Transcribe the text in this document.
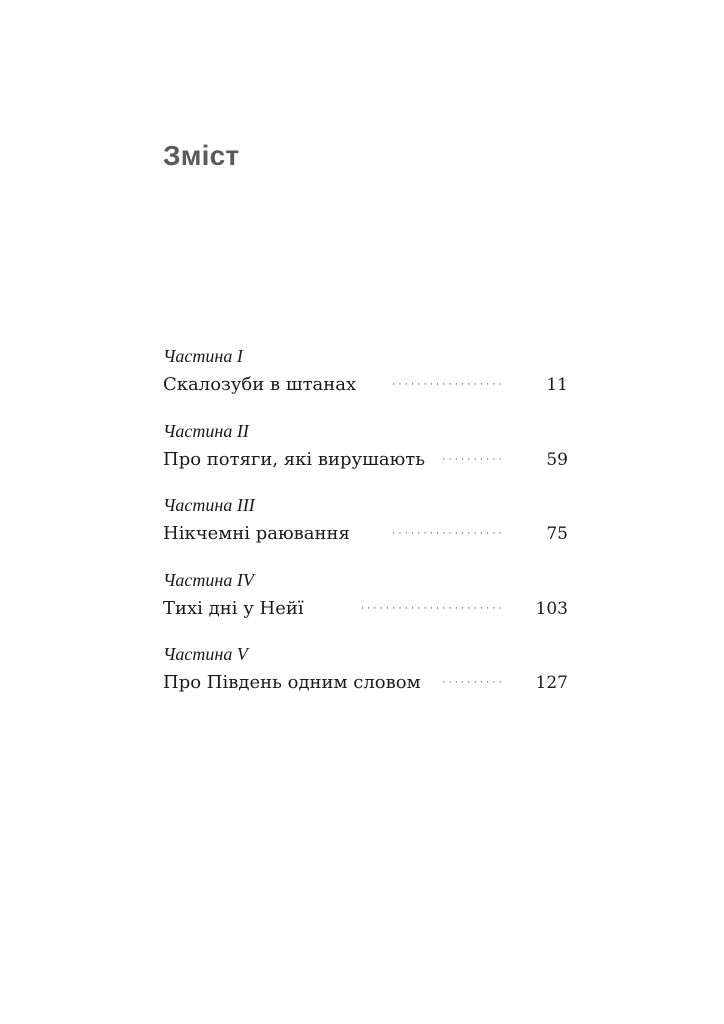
Зміст
Частина I
Скалозуби в штанах	·················· 11
Частина II
Про потяги, які вирушають	·········· 59
Частина III
Нікчемні раювання	·················· 75
Частина IV
Тихі дні у Нейї	······················· 103
Частина V
Про Південь одним словом	·········· 127
